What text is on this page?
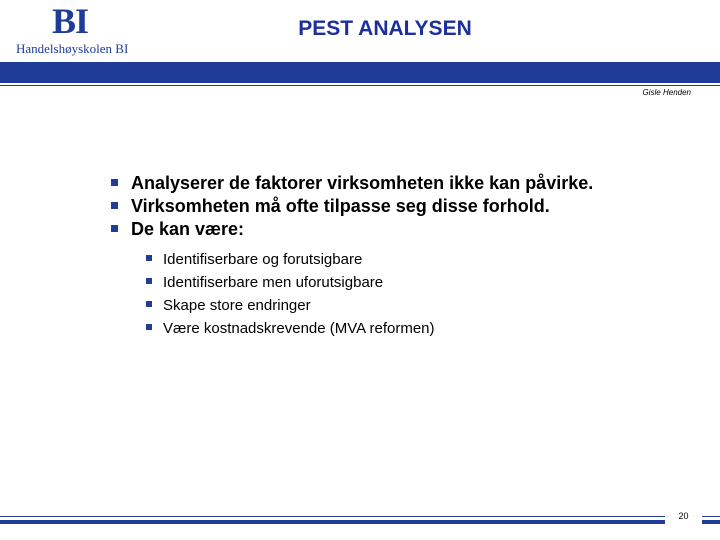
BI
Handelshøyskolen BI
PEST ANALYSEN
Gisle Henden
Analyserer de faktorer virksomheten ikke kan påvirke.
Virksomheten må ofte tilpasse seg disse forhold.
De kan være:
Identifiserbare og forutsigbare
Identifiserbare men uforutsigbare
Skape store endringer
Være kostnadskrevende (MVA reformen)
20
